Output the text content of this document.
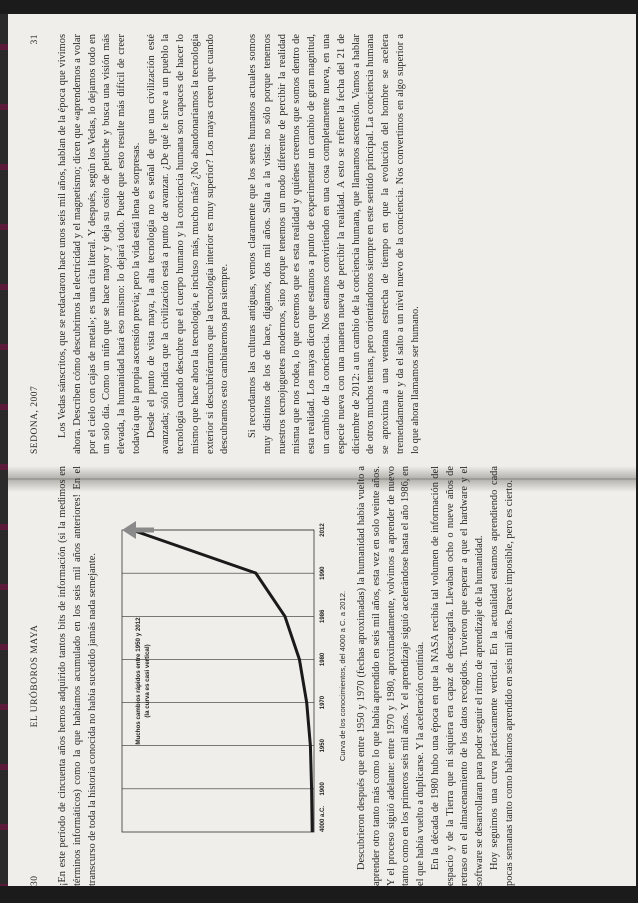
SEDONA, 2007
31 Los Vedas sánscritos, que se redactaron hace unos seis mil años, hablan de la época que vivimos ahora. Describen cómo descubrimos la electricidad y el magnetismo; dicen que «aprendemos a volar por el cielo con cajas de metal»; es una cita literal. Y después, según los Vedas, lo dejamos todo en un solo día. Como un niño que se hace mayor y deja su osito de peluche y busca una visión más elevada, la humanidad hará eso mismo: lo dejará todo. Puede que esto resulte más difícil de creer todavía que la propia ascensión previa; pero la vida está llena de sorpresas. Desde el punto de vista maya, la alta tecnología no es señal de que una civilización esté avanzada; sólo indica que la civilización está a punto de avanzar. ¿De qué le sirve a un pueblo la tecnología cuando descubre que el cuerpo humano y la conciencia humana son capaces de hacer lo mismo que hace ahora la tecnología, e incluso más, mucho más? ¿No abandonaríamos la tecnología exterior si descubriéramos que la tecnología interior es muy superior? Los mayas creen que cuando descubramos esto cambiaremos para siempre. Si recordamos las culturas antiguas, vemos claramente que los seres humanos actuales somos muy distintos de los de hace, digamos, dos mil años. Salta a la vista: no sólo porque tenemos nuestros tecnojuguetes modernos, sino porque tenemos un modo diferente de percibir la realidad misma que nos rodea, lo que creemos que es esta realidad y quiénes creemos que somos dentro de esta realidad. Los mayas dicen que estamos a punto de experimentar un cambio de gran magnitud, un cambio de la conciencia. Nos estamos convirtiendo en una cosa completamente nueva, en una especie nueva con una manera nueva de percibir la realidad. A esto se refiere la fecha del 21 de diciembre de 2012: a un cambio de la conciencia humana, que llamamos ascensión. Vamos a hablar de otros muchos temas, pero orientándonos siempre en este sentido principal. La conciencia humana se aproxima a una ventana estrecha de tiempo en que la evolución del hombre se acelera tremendamente y da el salto a un nivel nuevo de la conciencia. Nos convertimos en algo superior a lo que ahora llamamos ser humano.

30
EL URÓBOROS MAYA ¡En este período de cincuenta años hemos adquirido tantos bits de información (si la medimos en términos informáticos) como la que habíamos acumulado en los seis mil años anteriores! En el transcurso de toda la historia conocida no había sucedido jamás nada semejante.	4000 a.C.
1900
1950
1970
1980
1986
1990
2012
Muchos cambios rápidos entre 1950 y 2012 (la curva es casi vertical)	Curva de los conocimientos, del 4000 a C. a 2012. Descubrieron después que entre 1950 y 1970 (fechas aproximadas) la humanidad había vuelto a aprender otro tanto más como lo que había aprendido en seis mil años, esta vez en solo veinte años. Y el proceso siguió adelante: entre 1970 y 1980, aproximadamente, volvimos a aprender de nuevo tanto como en los primeros seis mil años. Y el aprendizaje siguió acelerándose hasta el año 1986, en el que había vuelto a duplicarse. Y la aceleración continúa. En la década de 1980 hubo una época en que la NASA recibía tal volumen de información del espacio y de la Tierra que ni siquiera era capaz de descargarla. Llevaban ocho o nueve años de retraso en el almacenamiento de los datos recogidos. Tuvieron que esperar a que el hardware y el software se desarrollaran para poder seguir el ritmo de aprendizaje de la humanidad. Hoy seguimos una curva prácticamente vertical. En la actualidad estamos aprendiendo cada pocas semanas tanto como habíamos aprendido en seis mil años. Parece imposible, pero es cierto.
